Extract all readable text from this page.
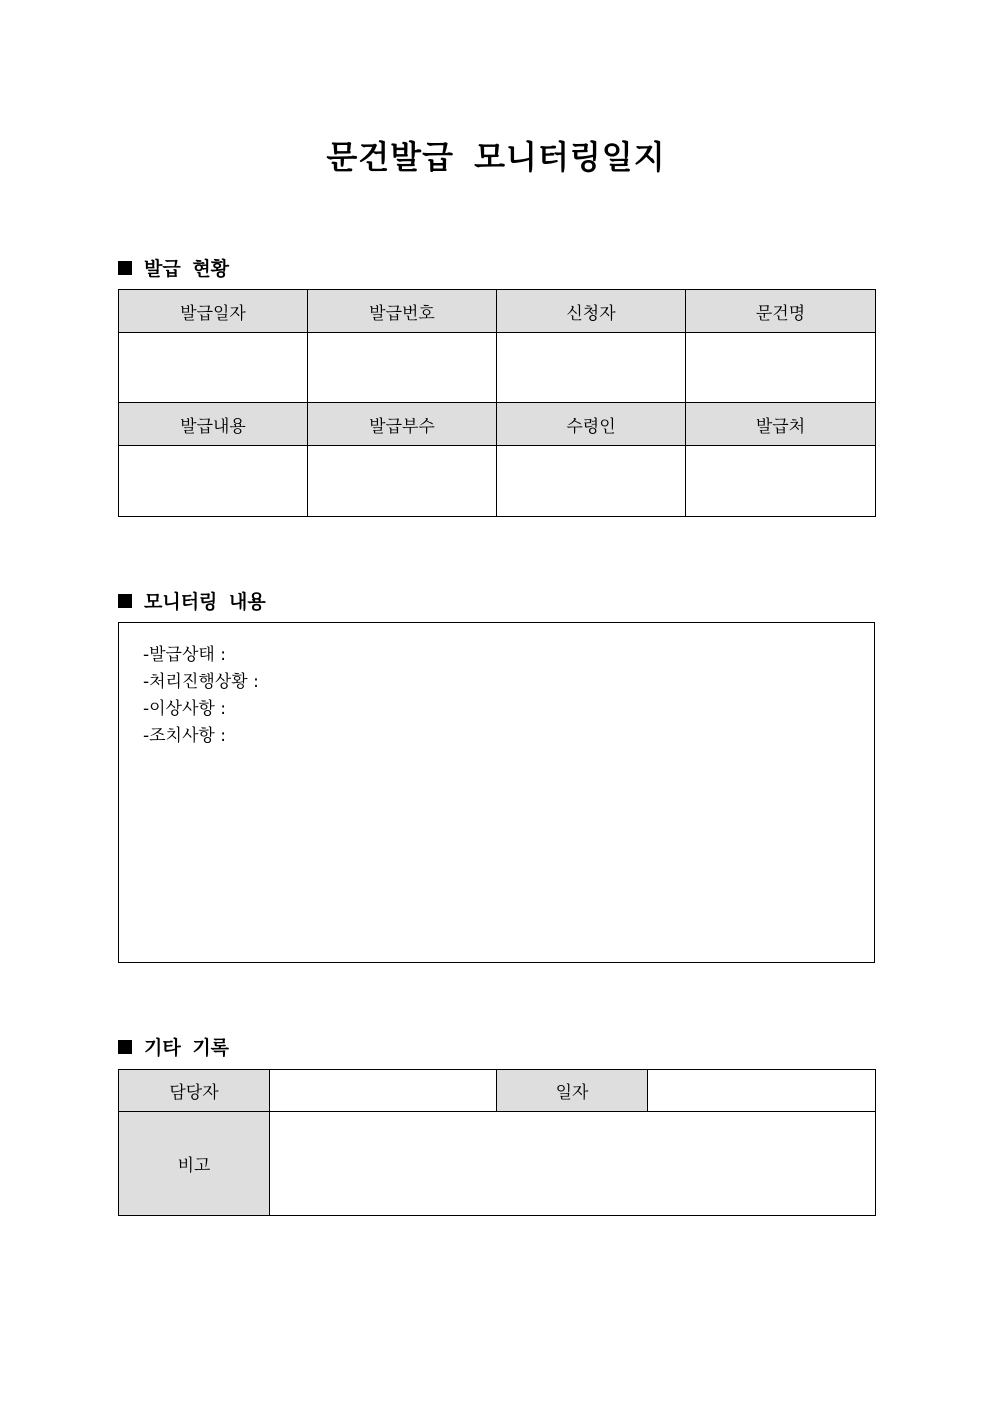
문건발급 모니터링일지
발급 현황
발급일자	발급번호	신청자	문건명

발급내용	발급부수	수령인	발급처

모니터링 내용
-발급상태 :
-처리진행상황 :
-이상사항 :
-조치사항 :
기타 기록
담당자		일자	
비고			
